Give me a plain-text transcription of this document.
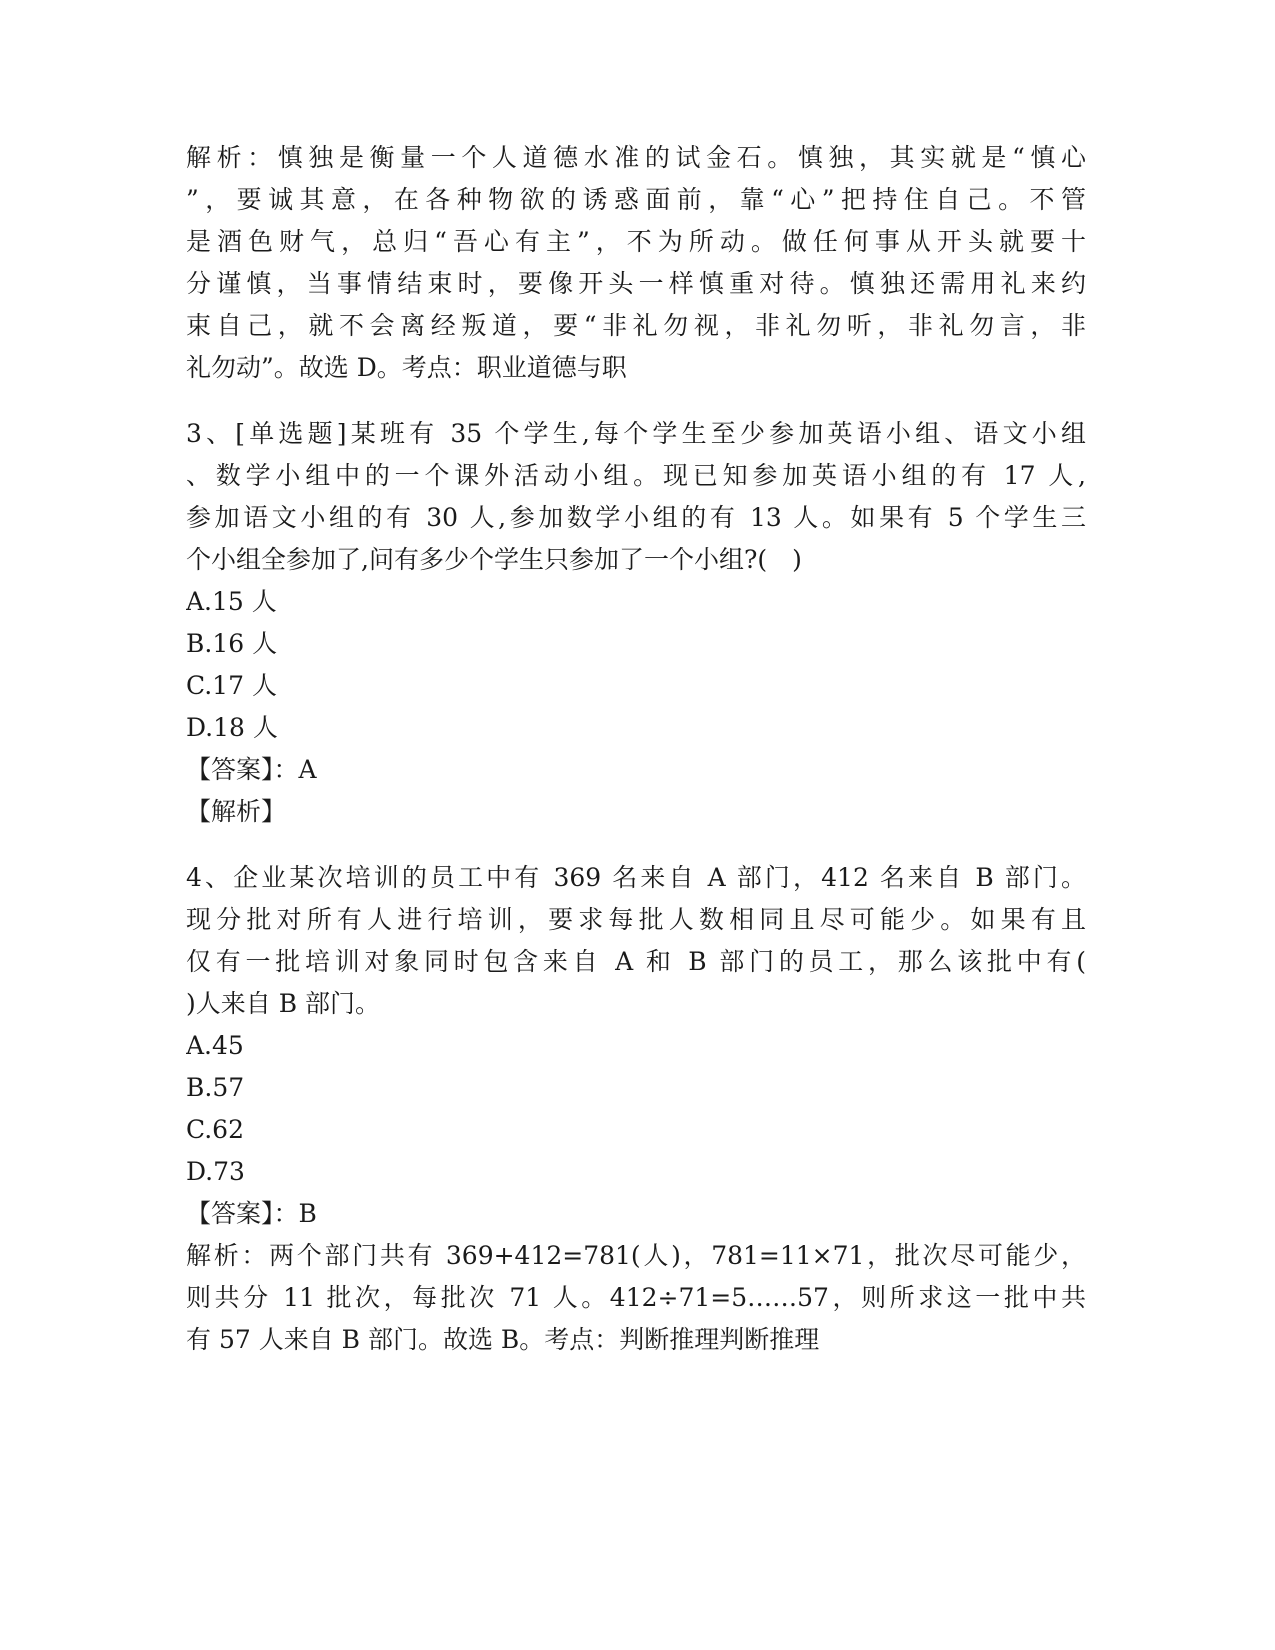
解析：慎独是衡量一个人道德水准的试金石。慎独，其实就是“慎心
”，要诚其意，在各种物欲的诱惑面前，靠“心”把持住自己。不管
是酒色财气，总归“吾心有主”，不为所动。做任何事从开头就要十
分谨慎，当事情结束时，要像开头一样慎重对待。慎独还需用礼来约
束自己，就不会离经叛道，要“非礼勿视，非礼勿听，非礼勿言，非
礼勿动”。故选 D。考点：职业道德与职
3、[单选题]某班有 35 个学生,每个学生至少参加英语小组、语文小组
、数学小组中的一个课外活动小组。现已知参加英语小组的有 17 人,
参加语文小组的有 30 人,参加数学小组的有 13 人。如果有 5 个学生三
个小组全参加了,问有多少个学生只参加了一个小组?(　)
A.15 人
B.16 人
C.17 人
D.18 人
【答案】：A
【解析】
4、企业某次培训的员工中有 369 名来自 A 部门，412 名来自 B 部门。
现分批对所有人进行培训，要求每批人数相同且尽可能少。如果有且
仅有一批培训对象同时包含来自 A 和 B 部门的员工，那么该批中有(
)人来自 B 部门。
A.45
B.57
C.62
D.73
【答案】：B
解析：两个部门共有 369+412=781(人)，781=11×71，批次尽可能少，
则共分 11 批次，每批次 71 人。412÷71=5……57，则所求这一批中共
有 57 人来自 B 部门。故选 B。考点：判断推理判断推理
